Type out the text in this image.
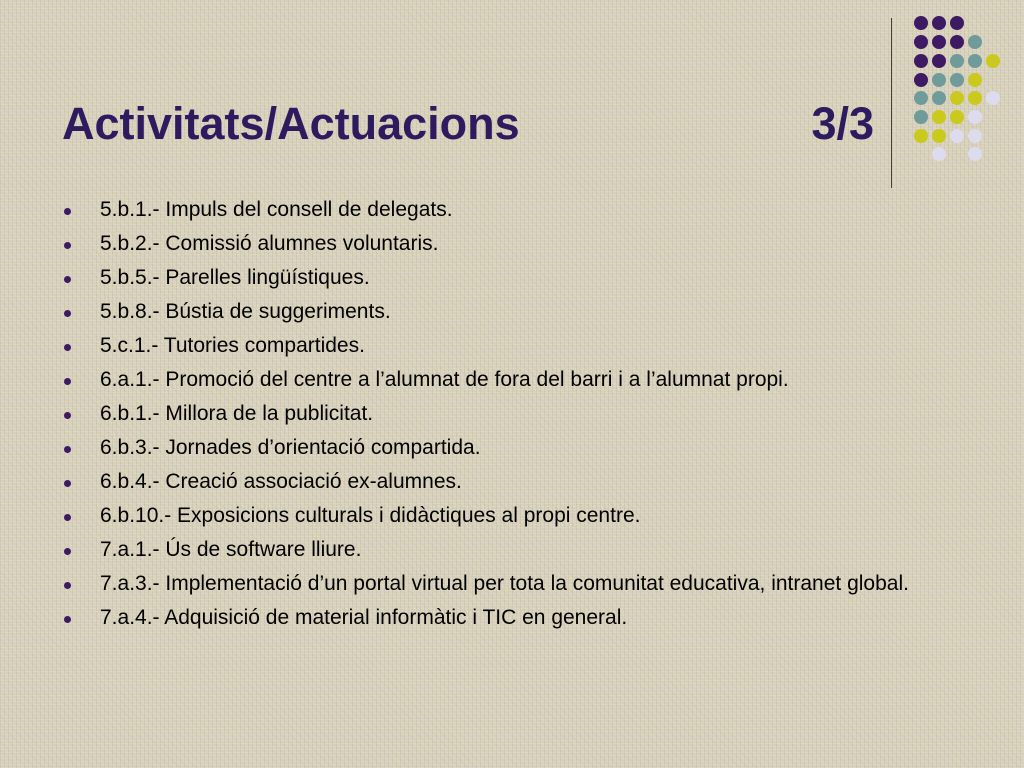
Activitats/Actuacions	3/3
5.b.1.- Impuls del consell de delegats.
5.b.2.- Comissió alumnes voluntaris.
5.b.5.- Parelles lingüístiques.
5.b.8.- Bústia de suggeriments.
5.c.1.- Tutories compartides.
6.a.1.- Promoció del centre a l’alumnat de fora del barri i a l’alumnat propi.
6.b.1.- Millora de la publicitat.
6.b.3.- Jornades d’orientació compartida.
6.b.4.- Creació associació ex-alumnes.
6.b.10.- Exposicions culturals i didàctiques al propi centre.
7.a.1.- Ús de software lliure.
7.a.3.- Implementació d’un portal virtual per tota la comunitat educativa, intranet global.
7.a.4.- Adquisició de material informàtic i TIC en general.
